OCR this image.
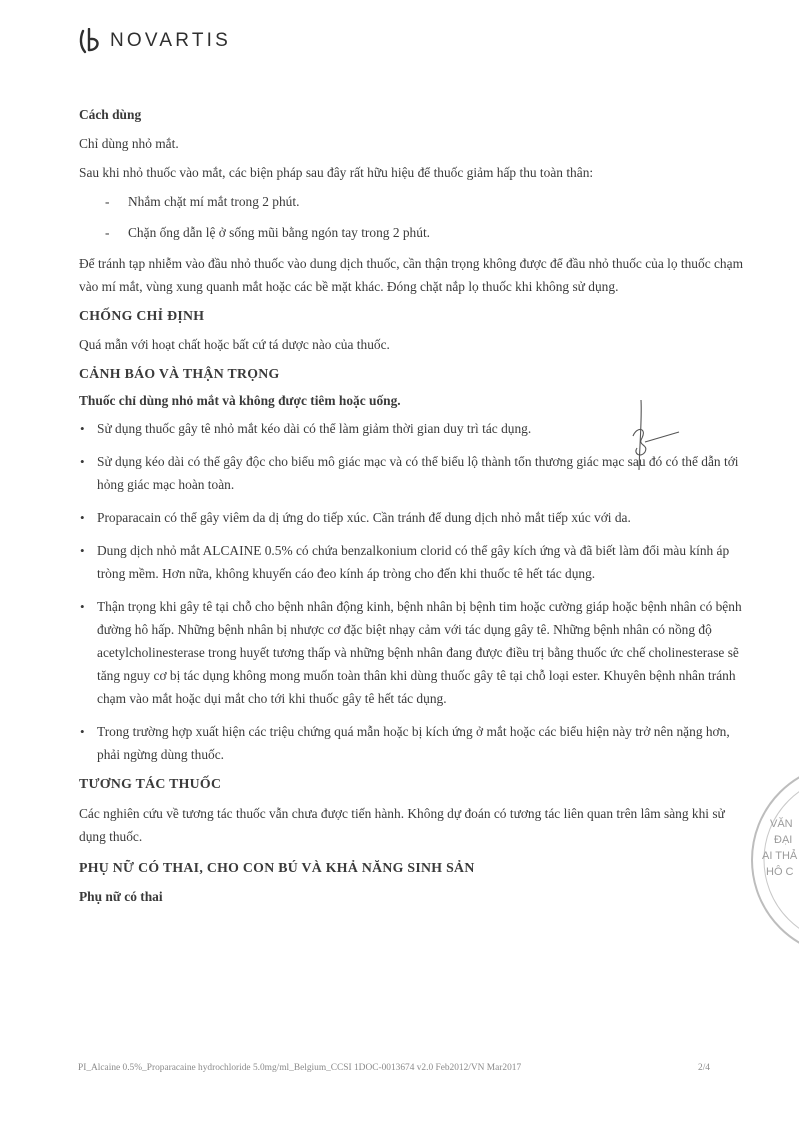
NOVARTIS
Cách dùng
Chỉ dùng nhỏ mắt.
Sau khi nhỏ thuốc vào mắt, các biện pháp sau đây rất hữu hiệu để thuốc giảm hấp thu toàn thân:
- Nhắm chặt mí mắt trong 2 phút.
- Chặn ống dẫn lệ ở sống mũi bằng ngón tay trong 2 phút.
Để tránh tạp nhiễm vào đầu nhỏ thuốc vào dung dịch thuốc, cần thận trọng không được để đầu nhỏ thuốc của lọ thuốc chạm vào mí mắt, vùng xung quanh mắt hoặc các bề mặt khác. Đóng chặt nắp lọ thuốc khi không sử dụng.
CHỐNG CHỈ ĐỊNH
Quá mẫn với hoạt chất hoặc bất cứ tá dược nào của thuốc.
CẢNH BÁO VÀ THẬN TRỌNG
Thuốc chỉ dùng nhỏ mắt và không được tiêm hoặc uống.
• Sử dụng thuốc gây tê nhỏ mắt kéo dài có thể làm giảm thời gian duy trì tác dụng.
• Sử dụng kéo dài có thể gây độc cho biểu mô giác mạc và có thể biểu lộ thành tổn thương giác mạc sau đó có thể dẫn tới hỏng giác mạc hoàn toàn.
• Proparacain có thể gây viêm da dị ứng do tiếp xúc. Cần tránh để dung dịch nhỏ mắt tiếp xúc với da.
• Dung dịch nhỏ mắt ALCAINE 0.5% có chứa benzalkonium clorid có thể gây kích ứng và đã biết làm đổi màu kính áp tròng mềm. Hơn nữa, không khuyến cáo đeo kính áp tròng cho đến khi thuốc tê hết tác dụng.
• Thận trọng khi gây tê tại chỗ cho bệnh nhân động kinh, bệnh nhân bị bệnh tim hoặc cường giáp hoặc bệnh nhân có bệnh đường hô hấp. Những bệnh nhân bị nhược cơ đặc biệt nhạy cảm với tác dụng gây tê. Những bệnh nhân có nồng độ acetylcholinesterase trong huyết tương thấp và những bệnh nhân đang được điều trị bằng thuốc ức chế cholinesterase sẽ tăng nguy cơ bị tác dụng không mong muốn toàn thân khi dùng thuốc gây tê tại chỗ loại ester. Khuyên bệnh nhân tránh chạm vào mắt hoặc dụi mắt cho tới khi thuốc gây tê hết tác dụng.
• Trong trường hợp xuất hiện các triệu chứng quá mẫn hoặc bị kích ứng ở mắt hoặc các biểu hiện này trở nên nặng hơn, phải ngừng dùng thuốc.
TƯƠNG TÁC THUỐC
Các nghiên cứu về tương tác thuốc vẫn chưa được tiến hành. Không dự đoán có tương tác liên quan trên lâm sàng khi sử dụng thuốc.
PHỤ NỮ CÓ THAI, CHO CON BÚ VÀ KHẢ NĂNG SINH SẢN
Phụ nữ có thai
VĂN
ĐẠI
AI THẢ
HÔ C
PI_Alcaine 0.5%_Proparacaine hydrochloride 5.0mg/ml_Belgium_CCSI 1DOC-0013674 v2.0 Feb2012/VN Mar2017	2/4
